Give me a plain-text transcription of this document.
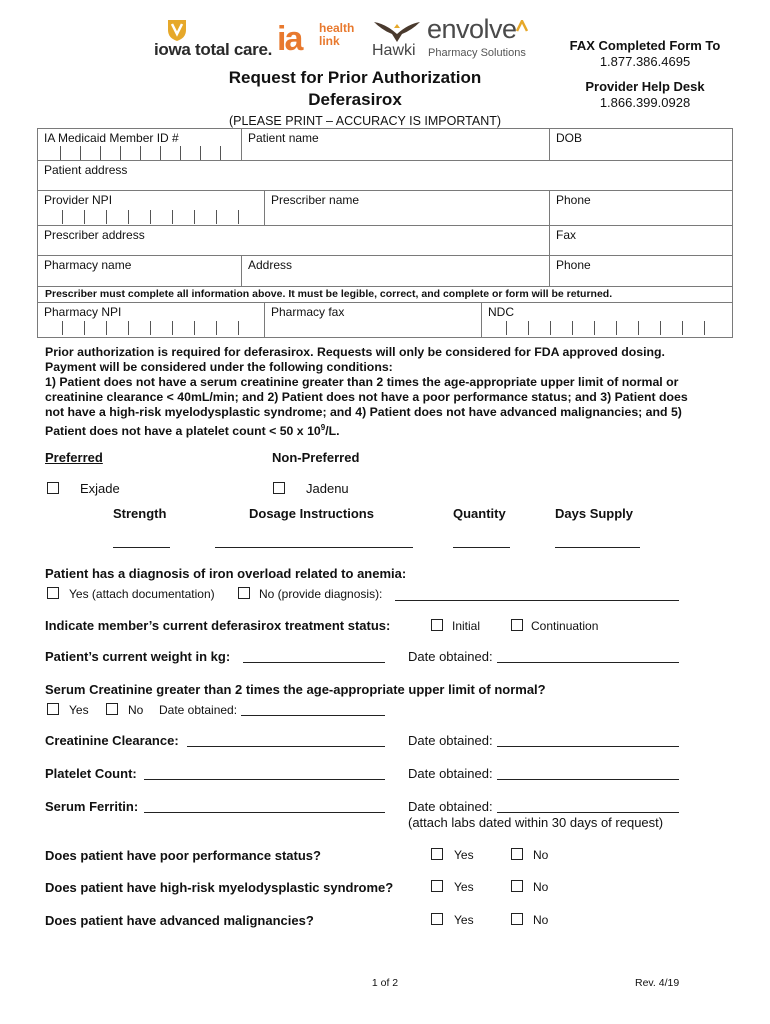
iowa total care. ia health
link
Hawki
envolve
Pharmacy Solutions
Request for Prior Authorization
Deferasirox
(PLEASE PRINT – ACCURACY IS IMPORTANT)
FAX Completed Form To
1.877.386.4695
Provider Help Desk
1.866.399.0928
IA Medicaid Member ID #	Patient name	DOB
Patient address
Provider NPI	Prescriber name	Phone
Prescriber address	Fax
Pharmacy name	Address	Phone
Prescriber must complete all information above. It must be legible, correct, and complete or form will be returned.
Pharmacy NPI	Pharmacy fax	NDC
Prior authorization is required for deferasirox. Requests will only be considered for FDA approved dosing.
Payment will be considered under the following conditions:
1) Patient does not have a serum creatinine greater than 2 times the age-appropriate upper limit of normal or
creatinine clearance < 40mL/min; and 2) Patient does not have a poor performance status; and 3) Patient does
not have a high-risk myelodysplastic syndrome; and 4) Patient does not have advanced malignancies; and 5)
Patient does not have a platelet count < 50 x $10^9/L$.
Preferred	Non-Preferred
Exjade	Jadenu
Strength	Dosage Instructions	Quantity	Days Supply
Patient has a diagnosis of iron overload related to anemia:
Yes (attach documentation)	No (provide diagnosis):
Indicate member’s current deferasirox treatment status:	Initial	Continuation
Patient’s current weight in kg:	Date obtained:
Serum Creatinine greater than 2 times the age-appropriate upper limit of normal?
Yes	No Date obtained:
Creatinine Clearance:	Date obtained:
Platelet Count:	Date obtained:
Serum Ferritin:	Date obtained:
(attach labs dated within 30 days of request)
Does patient have poor performance status?	Yes	No
Does patient have high-risk myelodysplastic syndrome?	Yes	No
Does patient have advanced malignancies?	Yes	No
1 of 2	Rev. 4/19
